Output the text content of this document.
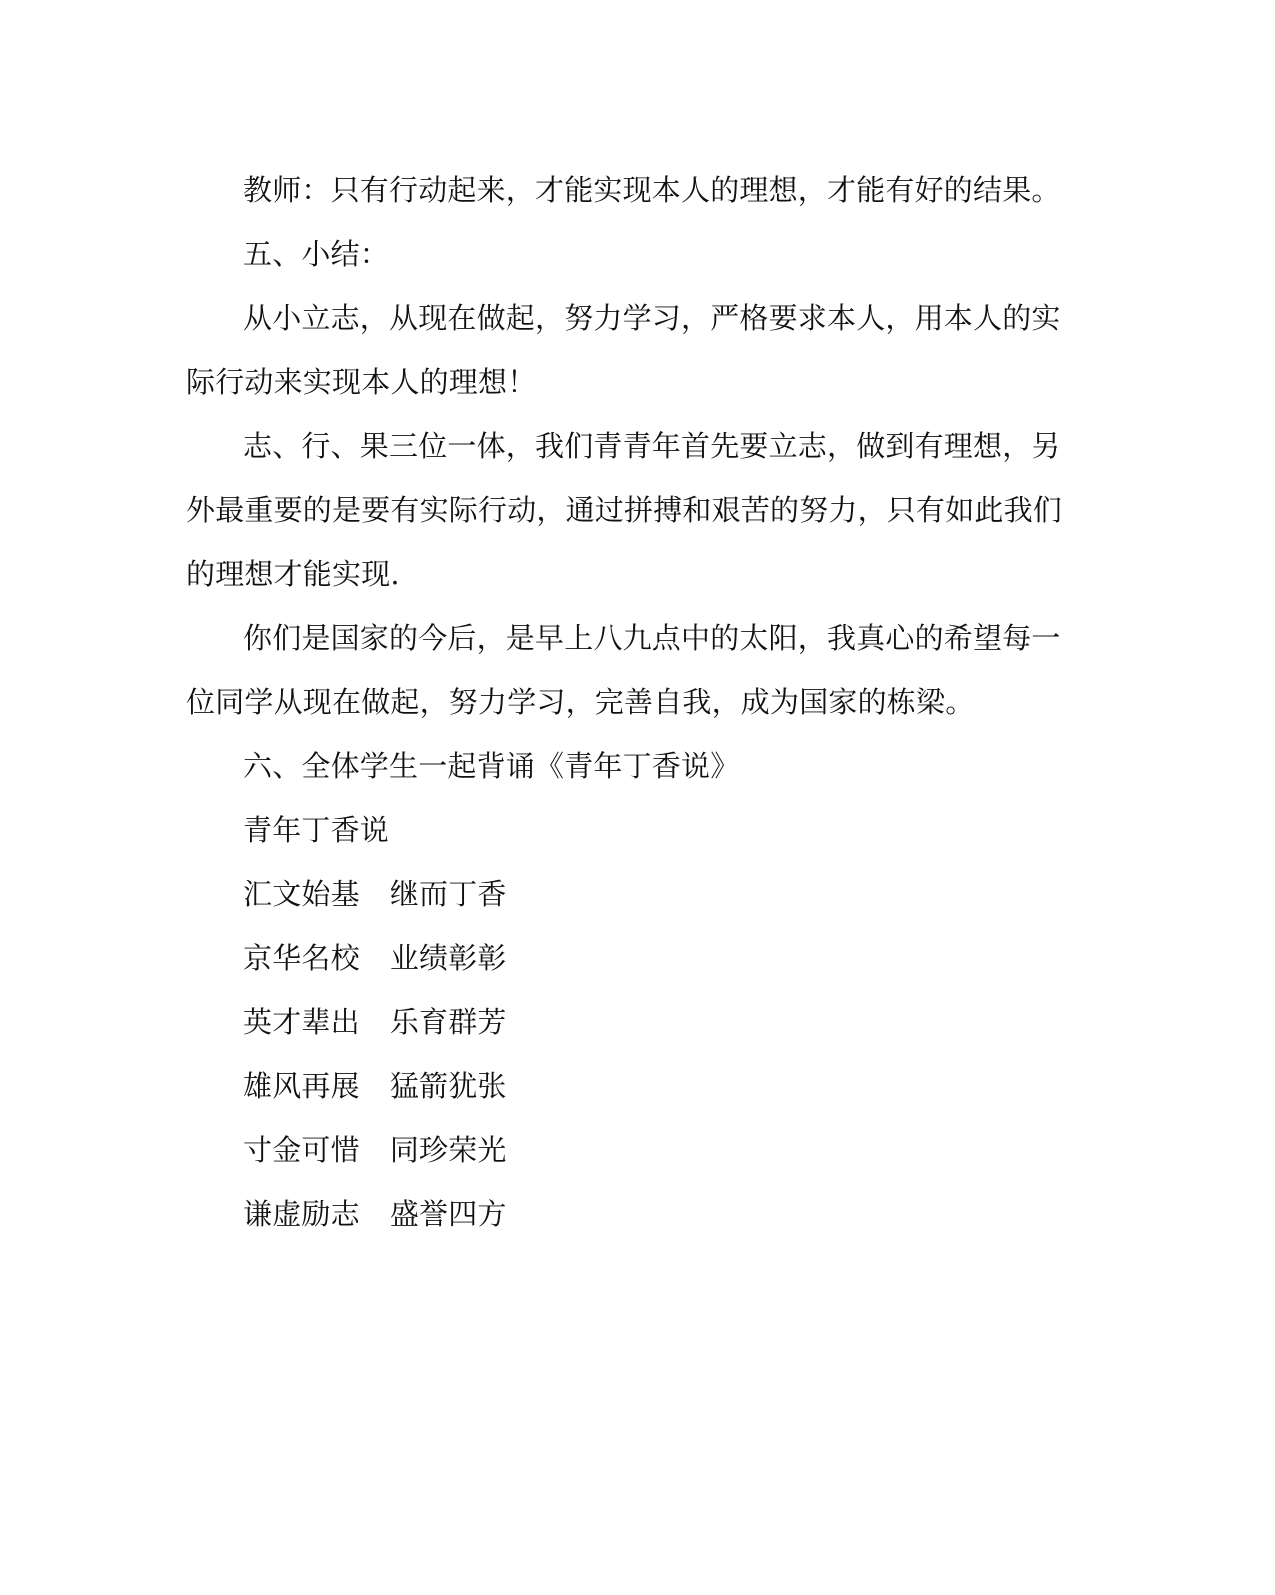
教师：只有行动起来，才能实现本人的理想，才能有好的结果。
五、小结：
从小立志，从现在做起，努力学习，严格要求本人，用本人的实
际行动来实现本人的理想！
志、行、果三位一体，我们青青年首先要立志，做到有理想，另
外最重要的是要有实际行动，通过拼搏和艰苦的努力，只有如此我们
的理想才能实现.
你们是国家的今后，是早上八九点中的太阳，我真心的希望每一
位同学从现在做起，努力学习，完善自我，成为国家的栋梁。
六、全体学生一起背诵《青年丁香说》
青年丁香说
汇文始基 继而丁香
京华名校 业绩彰彰
英才辈出 乐育群芳
雄风再展 猛箭犹张
寸金可惜 同珍荣光
谦虚励志 盛誉四方
